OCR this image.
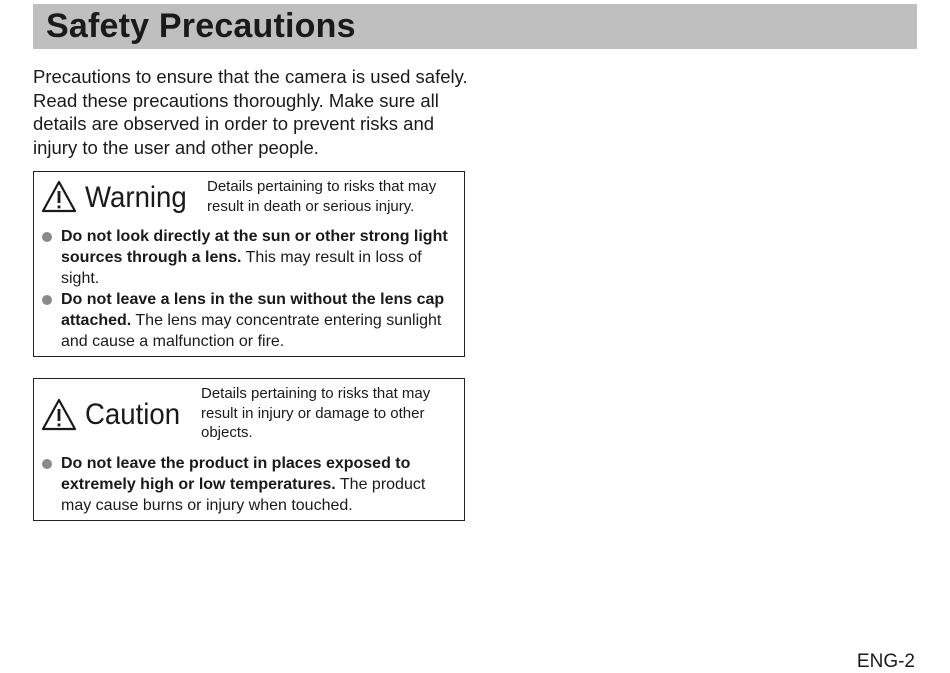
Safety Precautions

Precautions to ensure that the camera is used safely. Read these precautions thoroughly. Make sure all details are observed in order to prevent risks and injury to the user and other people.

Warning Details pertaining to risks that may result in death or serious injury.
Do not look directly at the sun or other strong light sources through a lens. This may result in loss of sight.
Do not leave a lens in the sun without the lens cap attached. The lens may concentrate entering sunlight and cause a malfunction or fire.
Caution
Details pertaining to risks that may result in injury or damage to other objects.
Do not leave the product in places exposed to extremely high or low temperatures. The product may cause burns or injury when touched.
ENG-2
